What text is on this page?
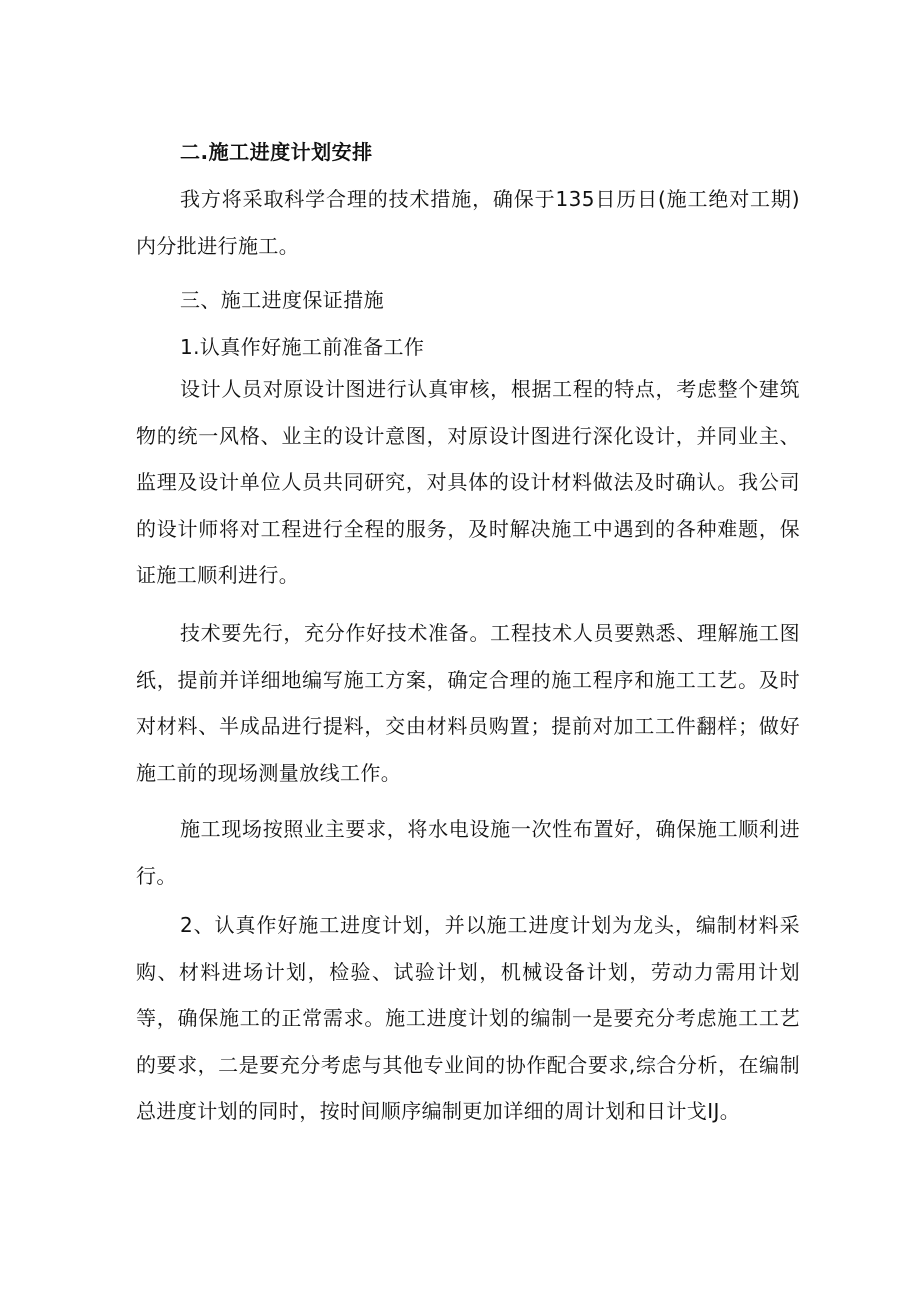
二.施工进度计划安排

我方将采取科学合理的技术措施，确保于135日历日(施工绝对工期)内分批进行施工。

三、施工进度保证措施

1.认真作好施工前准备工作

设计人员对原设计图进行认真审核，根据工程的特点，考虑整个建筑物的统一风格、业主的设计意图，对原设计图进行深化设计，并同业主、监理及设计单位人员共同研究，对具体的设计材料做法及时确认。我公司的设计师将对工程进行全程的服务，及时解决施工中遇到的各种难题，保证施工顺利进行。

技术要先行，充分作好技术准备。工程技术人员要熟悉、理解施工图纸，提前并详细地编写施工方案，确定合理的施工程序和施工工艺。及时对材料、半成品进行提料，交由材料员购置；提前对加工工件翻样；做好施工前的现场测量放线工作。

施工现场按照业主要求，将水电设施一次性布置好，确保施工顺利进行。

2、认真作好施工进度计划，并以施工进度计划为龙头，编制材料采购、材料进场计划，检验、试验计划，机械设备计划，劳动力需用计划等，确保施工的正常需求。施工进度计划的编制一是要充分考虑施工工艺的要求，二是要充分考虑与其他专业间的协作配合要求,综合分析，在编制总进度计划的同时，按时间顺序编制更加详细的周计划和日计戈IJ。
